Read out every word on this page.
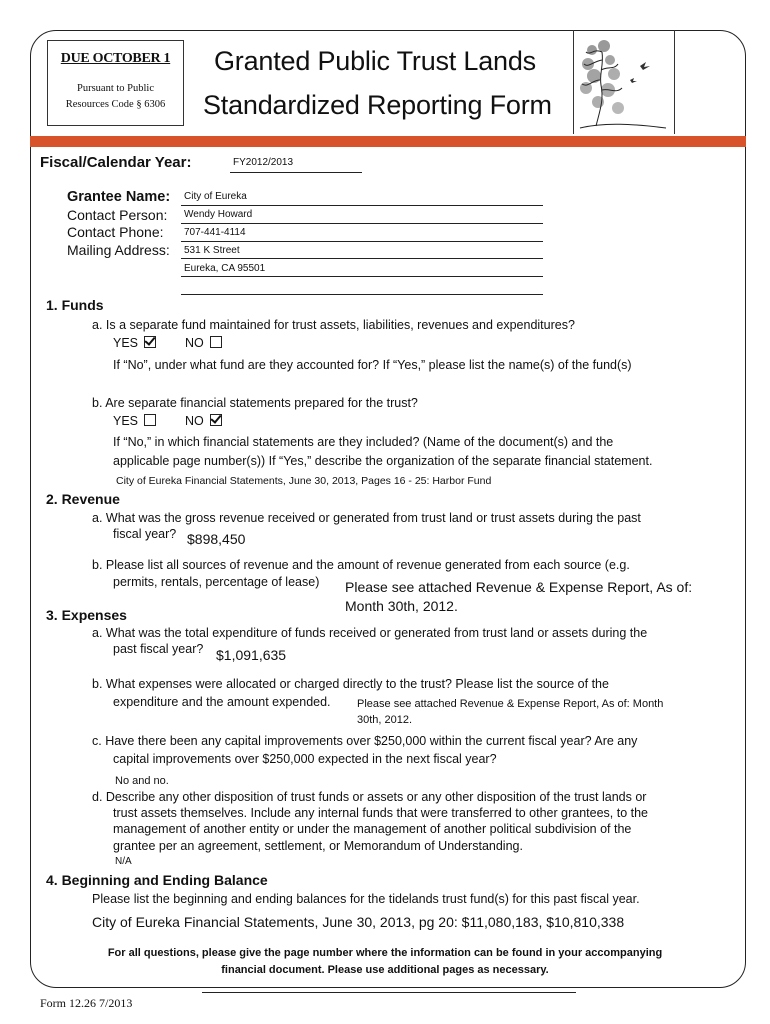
DUE OCTOBER 1
Pursuant to Public
Resources Code § 6306
Granted Public Trust Lands
Standardized Reporting Form
Fiscal/Calendar Year:	FY2012/2013
Grantee Name: City of Eureka
Contact Person: Wendy Howard
Contact Phone: 707-441-4114
Mailing Address: 531 K Street
Eureka, CA 95501
1. Funds
a. Is a separate fund maintained for trust assets, liabilities, revenues and expenditures?
YES	NO
If “No”, under what fund are they accounted for? If “Yes,” please list the name(s) of the fund(s)
b. Are separate financial statements prepared for the trust?
YES	NO
If “No,” in which financial statements are they included? (Name of the document(s) and the
applicable page number(s)) If “Yes,” describe the organization of the separate financial statement.
City of Eureka Financial Statements, June 30, 2013, Pages 16 - 25: Harbor Fund
2. Revenue
a. What was the gross revenue received or generated from trust land or trust assets during the past
fiscal year? $898,450
b. Please list all sources of revenue and the amount of revenue generated from each source (e.g.
permits, rentals, percentage of lease) Please see attached Revenue & Expense Report, As of:
Month 30th, 2012.
3. Expenses
a. What was the total expenditure of funds received or generated from trust land or assets during the
past fiscal year? $1,091,635
b. What expenses were allocated or charged directly to the trust? Please list the source of the
expenditure and the amount expended. Please see attached Revenue & Expense Report, As of: Month
30th, 2012.
c. Have there been any capital improvements over $250,000 within the current fiscal year? Are any
capital improvements over $250,000 expected in the next fiscal year?
No and no.
d. Describe any other disposition of trust funds or assets or any other disposition of the trust lands or
trust assets themselves. Include any internal funds that were transferred to other grantees, to the
management of another entity or under the management of another political subdivision of the
grantee per an agreement, settlement, or Memorandum of Understanding.
N/A
4. Beginning and Ending Balance
Please list the beginning and ending balances for the tidelands trust fund(s) for this past fiscal year.
City of Eureka Financial Statements, June 30, 2013, pg 20: $11,080,183, $10,810,338
For all questions, please give the page number where the information can be found in your accompanying
financial document. Please use additional pages as necessary.
Form 12.26 7/2013
